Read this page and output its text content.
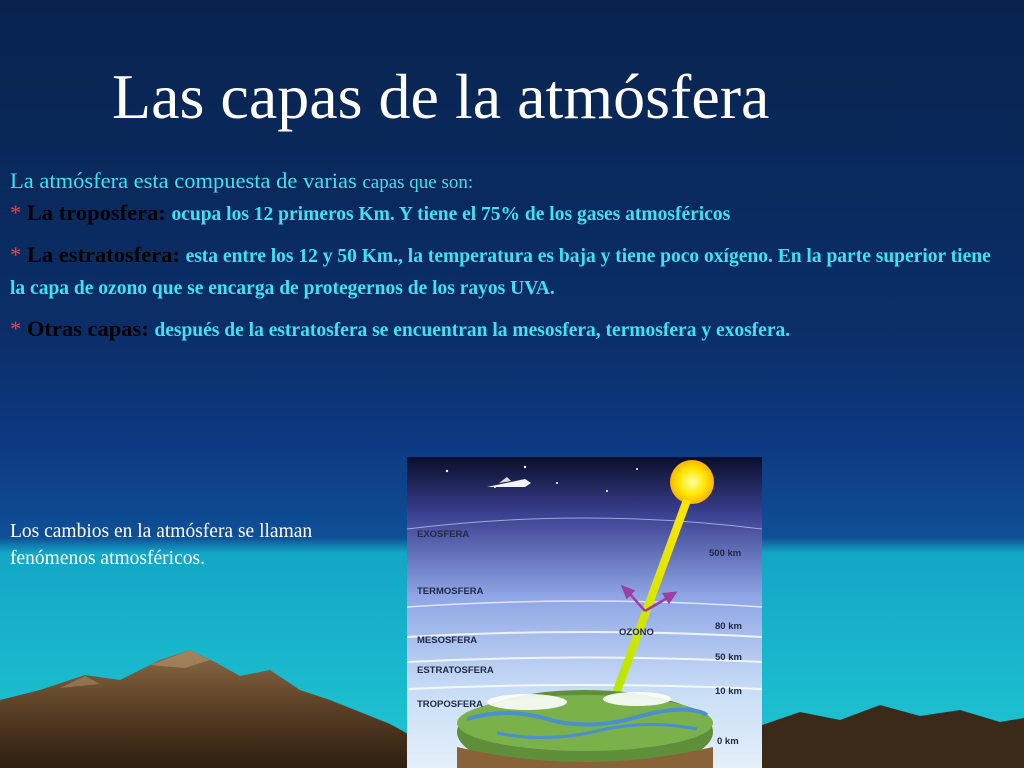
Las capas de la atmósfera
La atmósfera esta compuesta de varias capas que son:
* La troposfera: ocupa los 12 primeros Km. Y tiene el 75% de los gases atmosféricos
* La estratosfera: esta entre los 12 y 50 Km., la temperatura es baja y tiene poco oxígeno. En la parte superior tiene la capa de ozono que se encarga de protegernos de los rayos UVA.
* Otras capas: después de la estratosfera se encuentran la mesosfera, termosfera y exosfera.
Los cambios en la atmósfera se llaman fenómenos atmosféricos.
EXOSFERA
TERMOSFERA
MESOSFERA
ESTRATOSFERA
TROPOSFERA
500 km
80 km
50 km
10 km
0 km
OZONO
